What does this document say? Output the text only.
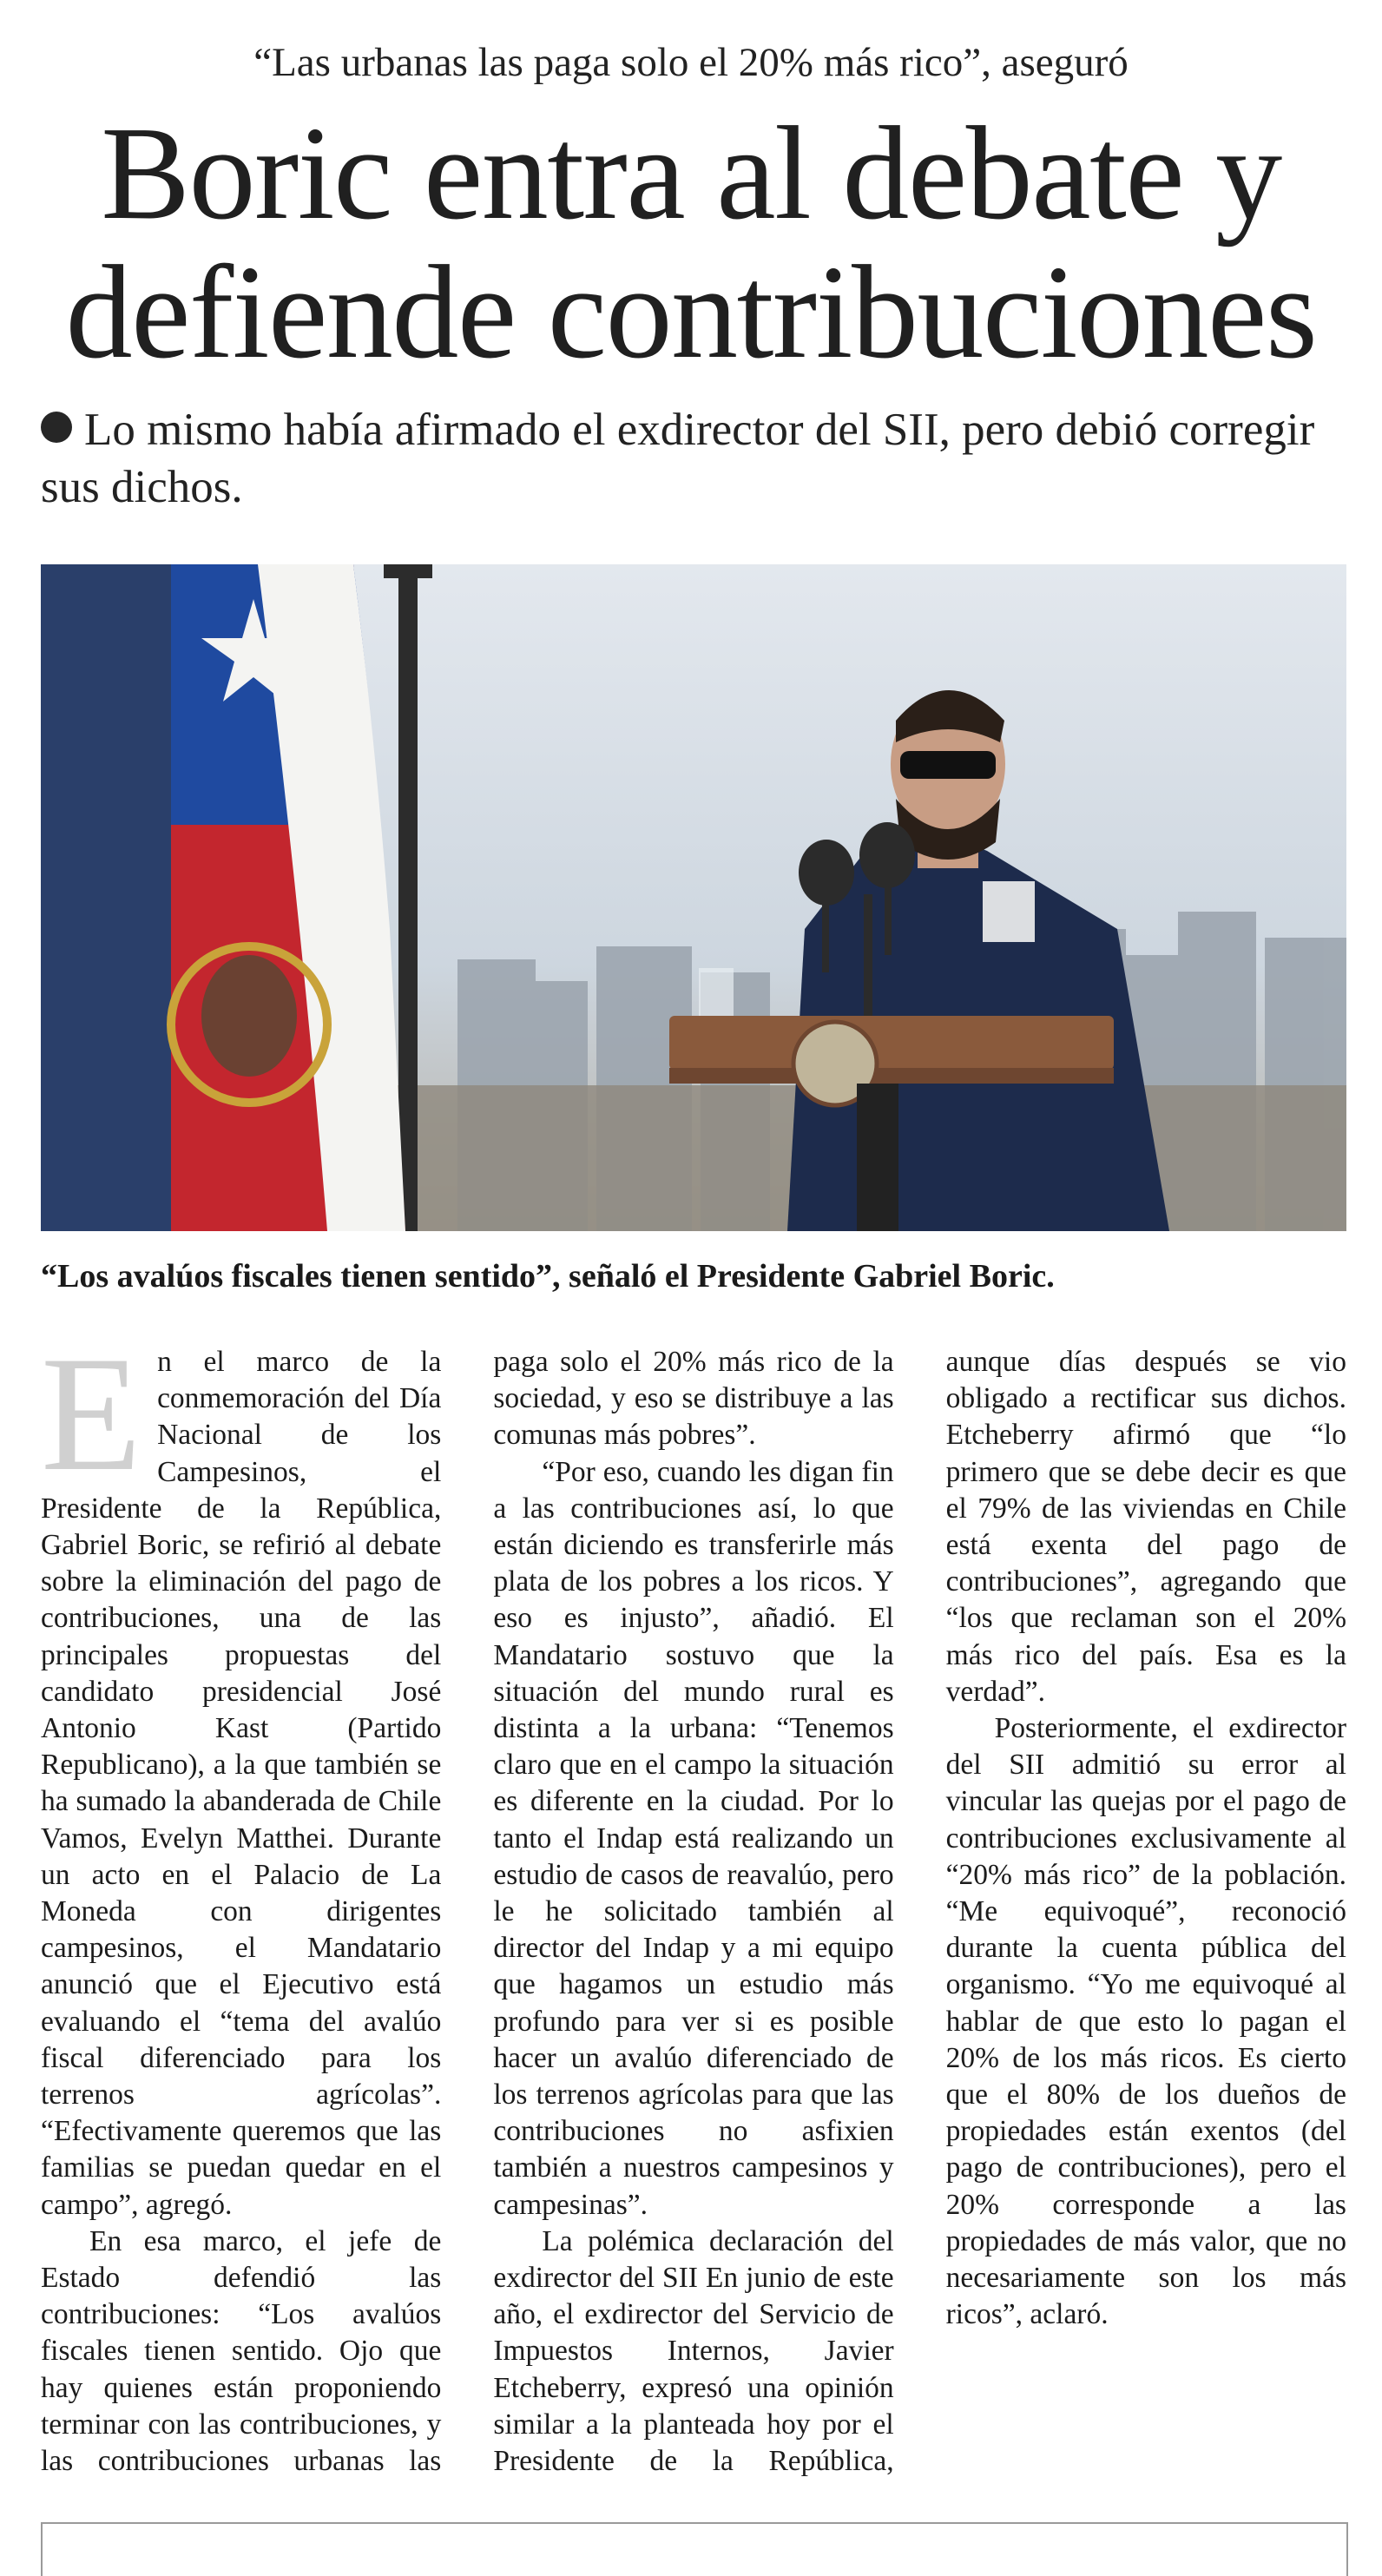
“Las urbanas las paga solo el 20% más rico”, aseguró
Boric entra al debate y
defiende contribuciones
Lo mismo había afirmado el exdirector del SII, pero debió corregir sus dichos.
“Los avalúos fiscales tienen sentido”, señaló el Presidente Gabriel Boric.

En el marco de la conmemoración del Día Nacional de los Campesinos, el Presidente de la República, Gabriel Boric, se refirió al debate sobre la eliminación del pago de contribuciones, una de las principales propuestas del candidato presidencial José Antonio Kast (Partido Republicano), a la que también se ha sumado la abanderada de Chile Vamos, Evelyn Matthei. Durante un acto en el Palacio de La Moneda con dirigentes campesinos, el Mandatario anunció que el Ejecutivo está evaluando el “tema del avalúo fiscal diferenciado para los terrenos agrícolas”. “Efectivamente queremos que las familias se puedan quedar en el campo”, agregó.

En esa marco, el jefe de Estado defendió las contribuciones: “Los avalúos fiscales tienen sentido. Ojo que hay quienes están proponiendo terminar con las contribuciones, y las contribuciones urbanas las paga solo el 20% más rico de la sociedad, y eso se distribuye a las comunas más pobres”.

“Por eso, cuando les digan fin a las contribuciones así, lo que están diciendo es transferirle más plata de los pobres a los ricos. Y eso es injusto”, añadió. El Mandatario sostuvo que la situación del mundo rural es distinta a la urbana: “Tenemos claro que en el campo la situación es diferente en la ciudad. Por lo tanto el Indap está realizando un estudio de casos de reavalúo, pero le he solicitado también al director del Indap y a mi equipo que hagamos un estudio más profundo para ver si es posible hacer un avalúo diferenciado de los terrenos agrícolas para que las contribuciones no asfixien también a nuestros campesinos y campesinas”.

La polémica declaración del exdirector del SII En junio de este año, el exdirector del Servicio de Impuestos Internos, Javier Etcheberry, expresó una opinión similar a la planteada hoy por el Presidente de la República, aunque días después se vio obligado a rectificar sus dichos. Etcheberry afirmó que “lo primero que se debe decir es que el 79% de las viviendas en Chile está exenta del pago de contribuciones”, agregando que “los que reclaman son el 20% más rico del país. Esa es la verdad”.

Posteriormente, el exdirector del SII admitió su error al vincular las quejas por el pago de contribuciones exclusivamente al “20% más rico” de la población. “Me equivoqué”, reconoció durante la cuenta pública del organismo. “Yo me equivoqué al hablar de que esto lo pagan el 20% de los más ricos. Es cierto que el 80% de los dueños de propiedades están exentos (del pago de contribuciones), pero el 20% corresponde a las propiedades de más valor, que no necesariamente son los más ricos”, aclaró.
